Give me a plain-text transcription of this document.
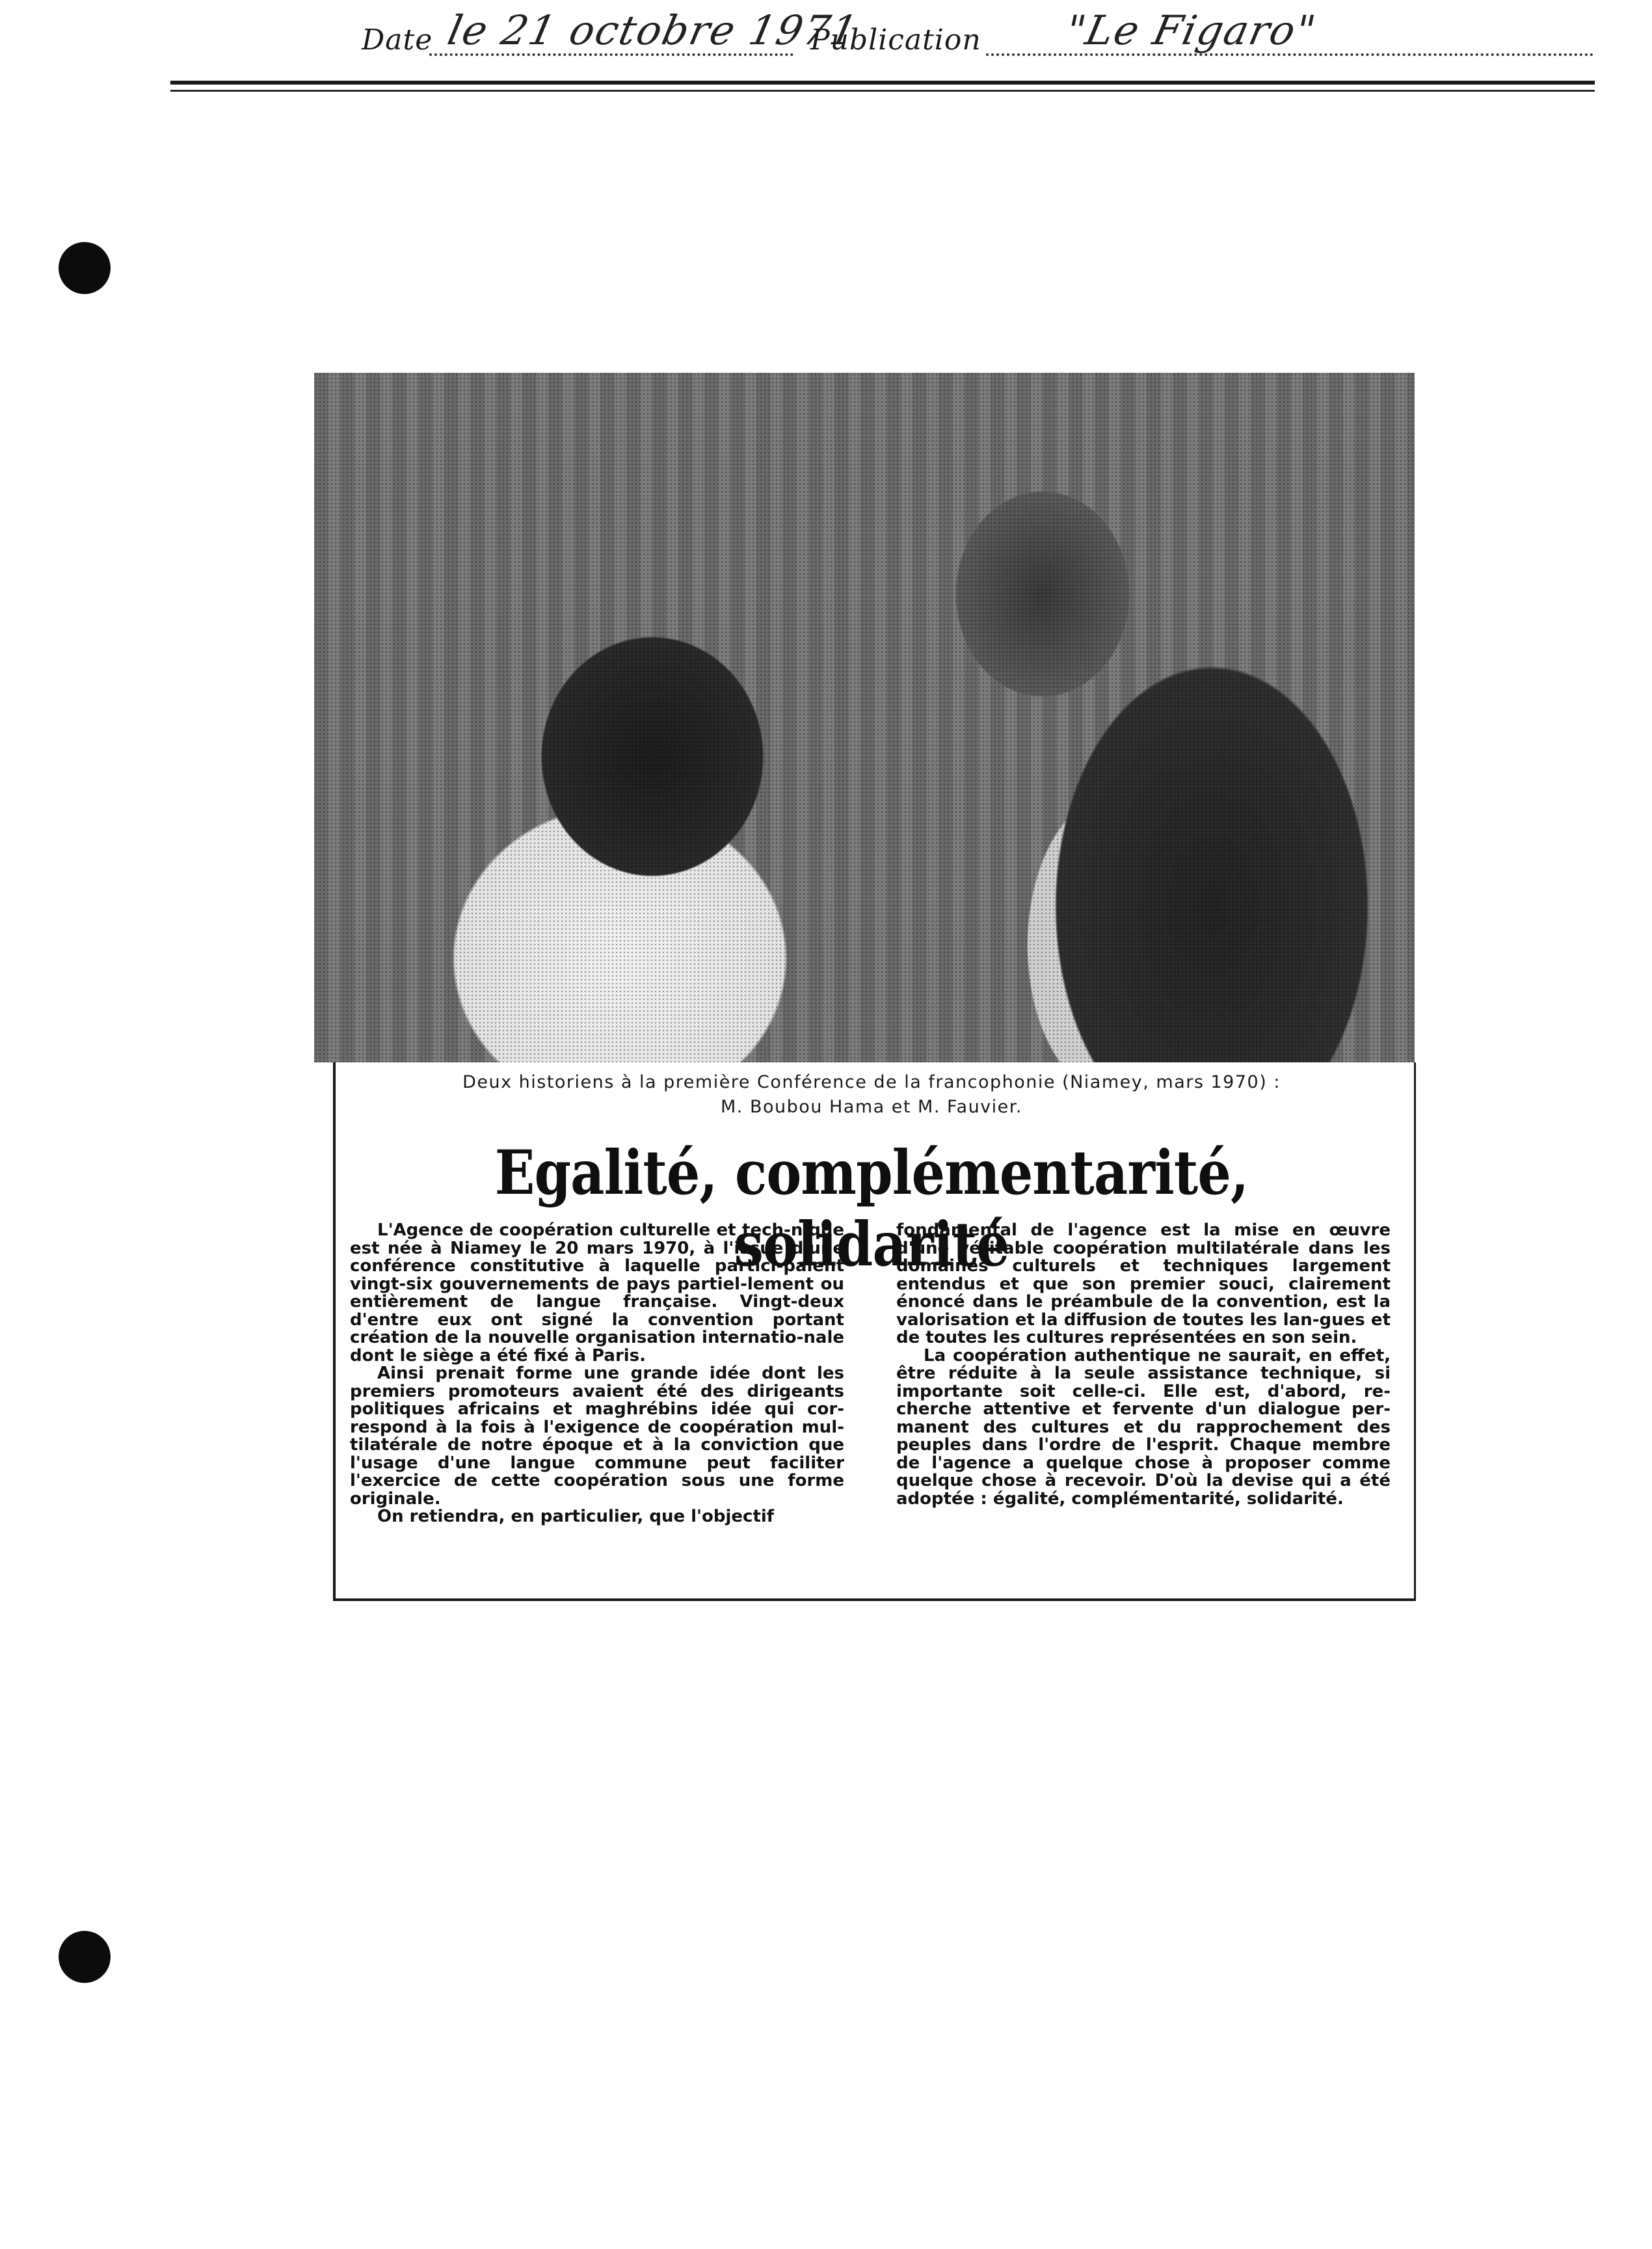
Date le 21 octobre 1971
Publication "Le Figaro"
Deux historiens à la première Conférence de la francophonie (Niamey, mars 1970) :
M. Boubou Hama et M. Fauvier.
Egalité, complémentarité, solidarité

L'Agence de coopération culturelle et tech-nique est née à Niamey le 20 mars 1970, à l'issue d'une conférence constitutive à laquelle partici-paient vingt-six gouvernements de pays partiel-lement ou entièrement de langue française. Vingt-deux d'entre eux ont signé la convention portant création de la nouvelle organisation internatio-nale dont le siège a été fixé à Paris.

Ainsi prenait forme une grande idée dont les premiers promoteurs avaient été des dirigeants politiques africains et maghrébins idée qui cor-respond à la fois à l'exigence de coopération mul-tilatérale de notre époque et à la conviction que l'usage d'une langue commune peut faciliter l'exercice de cette coopération sous une forme originale.

On retiendra, en particulier, que l'objectif

fondamental de l'agence est la mise en œuvre d'une véritable coopération multilatérale dans les domaines culturels et techniques largement entendus et que son premier souci, clairement énoncé dans le préambule de la convention, est la valorisation et la diffusion de toutes les lan-gues et de toutes les cultures représentées en son sein.

La coopération authentique ne saurait, en effet, être réduite à la seule assistance technique, si importante soit celle-ci. Elle est, d'abord, re-cherche attentive et fervente d'un dialogue per-manent des cultures et du rapprochement des peuples dans l'ordre de l'esprit. Chaque membre de l'agence a quelque chose à proposer comme quelque chose à recevoir. D'où la devise qui a été adoptée : égalité, complémentarité, solidarité.
